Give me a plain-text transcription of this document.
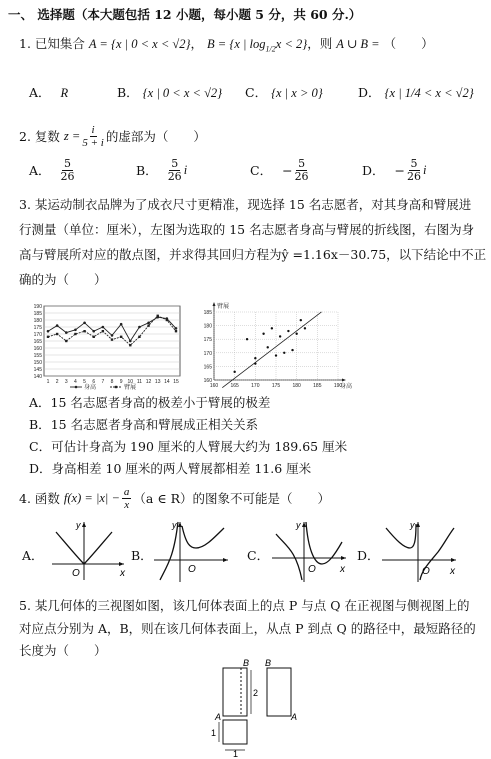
一、 选择题（本大题包括 12 小题，每小题 5 分，共 60 分.）
1. 已知集合 A = {x | 0 < x < √2}， B = {x | $\log_{1/2}x < 2$}，则 A ∪ B = （　　）
A． R	B． {x | 0 < x < √2} C． {x | x > 0}	D． {x | 1/4 < x < √2}
2. 复数 $z = \frac{i}{5 + i}$ 的虚部为（　　）
A． $\frac{5}{26}$	B． $\frac{5}{26}$ i	C． − $\frac{5}{26}$	D． − $\frac{5}{26}$ i
3. 某运动制衣品牌为了成衣尺寸更精准，现选择 15 名志愿者，对其身高和臂展进
行测量（单位：厘米），左图为选取的 15 名志愿者身高与臂展的折线图，右图为身
高与臂展所对应的散点图，并求得其回归方程为ŷ =1.16x－30.75，以下结论中不正
确的为（　　）
190
185
180
175
170
165
160
155
150
145
140
1 2 3 4 5 6 7 8 9 10 11 12 13 14 15
身高	臂展
185
180
175
170
165
160
160 165 170 175 180 185 190
臂展
身高
A．15 名志愿者身高的极差小于臂展的极差
B．15 名志愿者身高和臂展成正相关关系
C．可估计身高为 190 厘米的人臂展大约为 189.65 厘米
D．身高相差 10 厘米的两人臂展都相差 11.6 厘米
4. 函数 $f(x) = |x| - \frac{a}{x} (a$ ∈ R） 的图象不可能是（　　）
A．	B．	C．	D．
O	x
y
O
y
O x
y
O x
y
5. 某几何体的三视图如图，该几何体表面上的点 P 与点 Q 在正视图与侧视图上的
对应点分别为 A，B，则在该几何体表面上，从点 P 到点 Q 的路径中，最短路径的
长度为（　　）
B B
A	A
2
1
1
